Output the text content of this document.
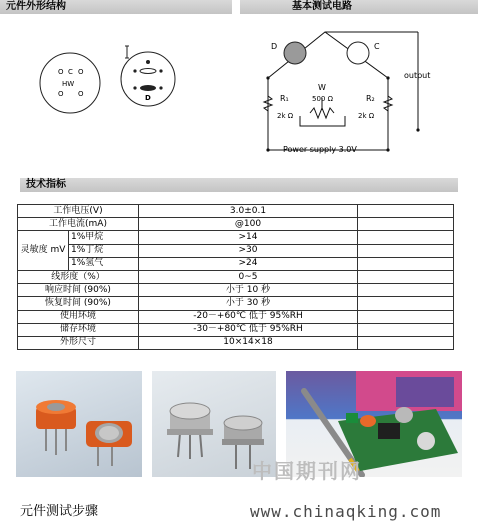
元件外形结构	基本测试电路
技术指标
O C O
HW
O O	D
D	C
W
500 Ω
R₁
2k Ω
R₂
2k Ω
output
Power supply 3.0V
工作电压(V)		3.0±0.1	
工作电流(mA)		@100	
灵敏度 mV	1%甲烷	>14	
	1%丁烷	>30	
	1%氢气	>24	
线形度（%）		0~5	
响应时间 (90%)		小于 10 秒	
恢复时间 (90%)		小于 30 秒	
使用环境		-20－+60℃ 低于 95%RH	
储存环境		-30－+80℃ 低于 95%RH	
外形尺寸		10×14×18	
中国期刊网
元件测试步骤	www.chinaqking.com
